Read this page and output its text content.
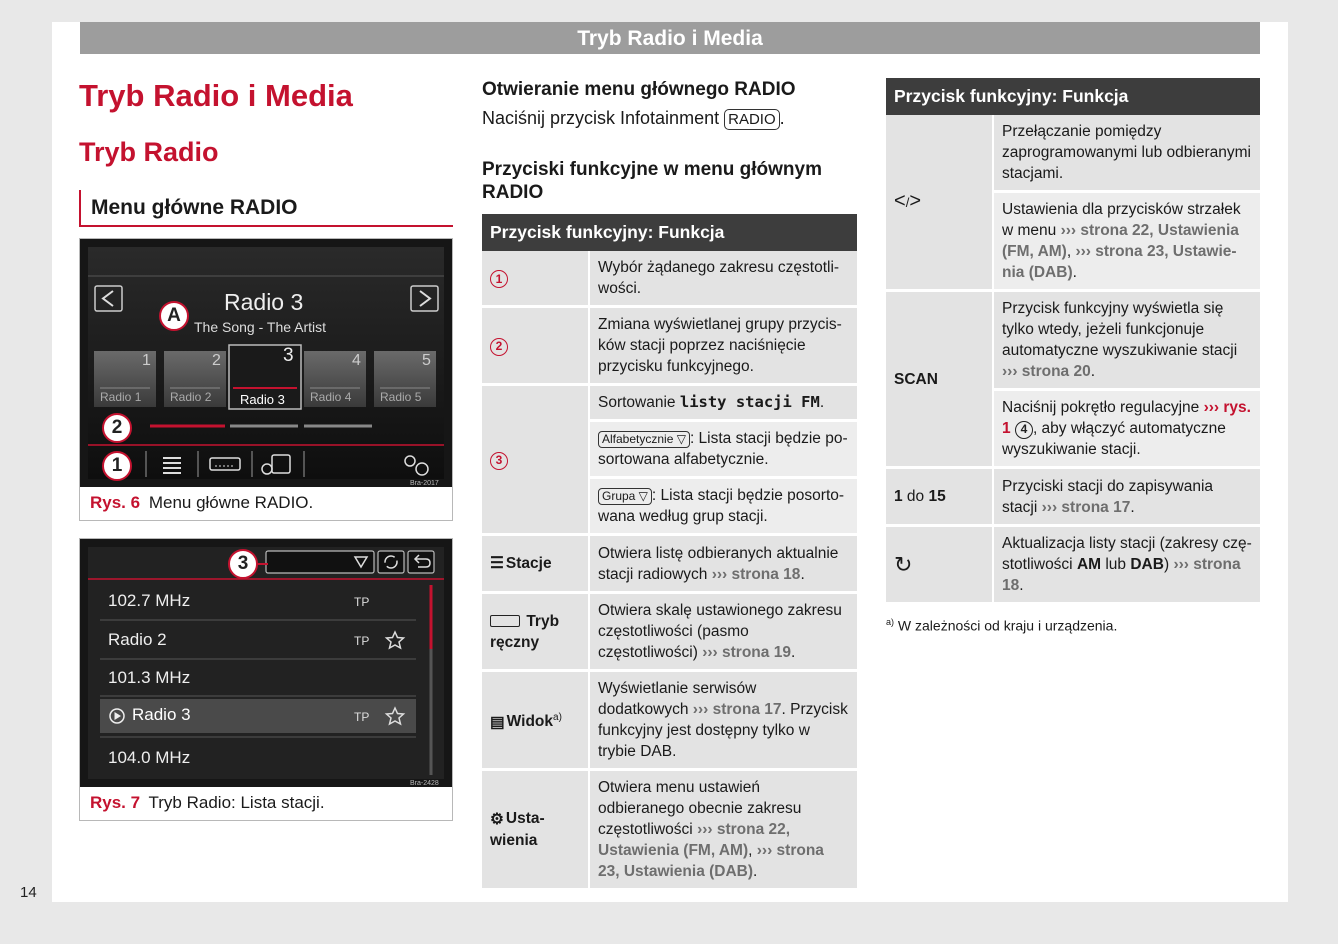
Tryb Radio i Media
14
Tryb Radio i Media
Tryb Radio
Menu główne RADIO
Bra-2017
Radio 3
The Song - The Artist
1	2	3	4	5
Radio 1 Radio 2 Radio 3 Radio 4 Radio 5
A
2
1
Rys. 6 Menu główne RADIO.
Bra-2428
3
102.7 MHz	TP
Radio 2	TP
101.3 MHz
Radio 3	TP
104.0 MHz
Rys. 7 Tryb Radio: Lista stacji.
Otwieranie menu głównego RADIO
Naciśnij przycisk Infotainment RADIO .
Przyciski funkcyjne w menu głównym RADIO
Przycisk funkcyjny: Funkcja	
1	Wybór żądanego zakresu częstotliwości.
2	Zmiana wyświetlanej grupy przycisków stacji poprzez naciśnięcie przycisku funkcyjnego.
3	Sortowanie listy stacji FM.
Alfabetycznie ▽ : Lista stacji będzie posortowana alfabetycznie.
Grupa ▽ : Lista stacji będzie posortowana według grup stacji.

☰ Stacje	Otwiera listę odbieranych aktualnie stacji radiowych ››› strona 18.
Tryb ręczny	Otwiera skalę ustawionego zakresu częstotliwości (pasmo częstotliwości) ››› strona 19.
▤ Widok$^{a)}$	Wyświetlanie serwisów dodatkowych ››› strona 17. Przycisk funkcyjny jest dostępny tylko w trybie DAB.
⚙ Ustawienia	Otwiera menu ustawień odbieranego obecnie zakresu częstotliwości ››› strona 22, Ustawienia (FM, AM), ››› strona 23, Ustawienia (DAB).
Przycisk funkcyjny: Funkcja	
</>	Przełączanie pomiędzy zaprogramowanymi lub odbieranymi stacjami.
Ustawienia dla przycisków strzałek w menu ››› strona 22, Ustawienia (FM, AM), ››› strona 23, Ustawienia (DAB).

SCAN	Przycisk funkcyjny wyświetla się tylko wtedy, jeżeli funkcjonuje automatyczne wyszukiwanie stacji ››› strona 20.
Naciśnij pokrętło regulacyjne ››› rys. 1 4 , aby włączyć automatyczne wyszukiwanie stacji.

1 do 15	Przyciski stacji do zapisywania stacji ››› strona 17.
↻	Aktualizacja listy stacji (zakresy częstotliwości AM lub DAB) ››› strona 18.
$^{a)}$ W zależności od kraju i urządzenia.
